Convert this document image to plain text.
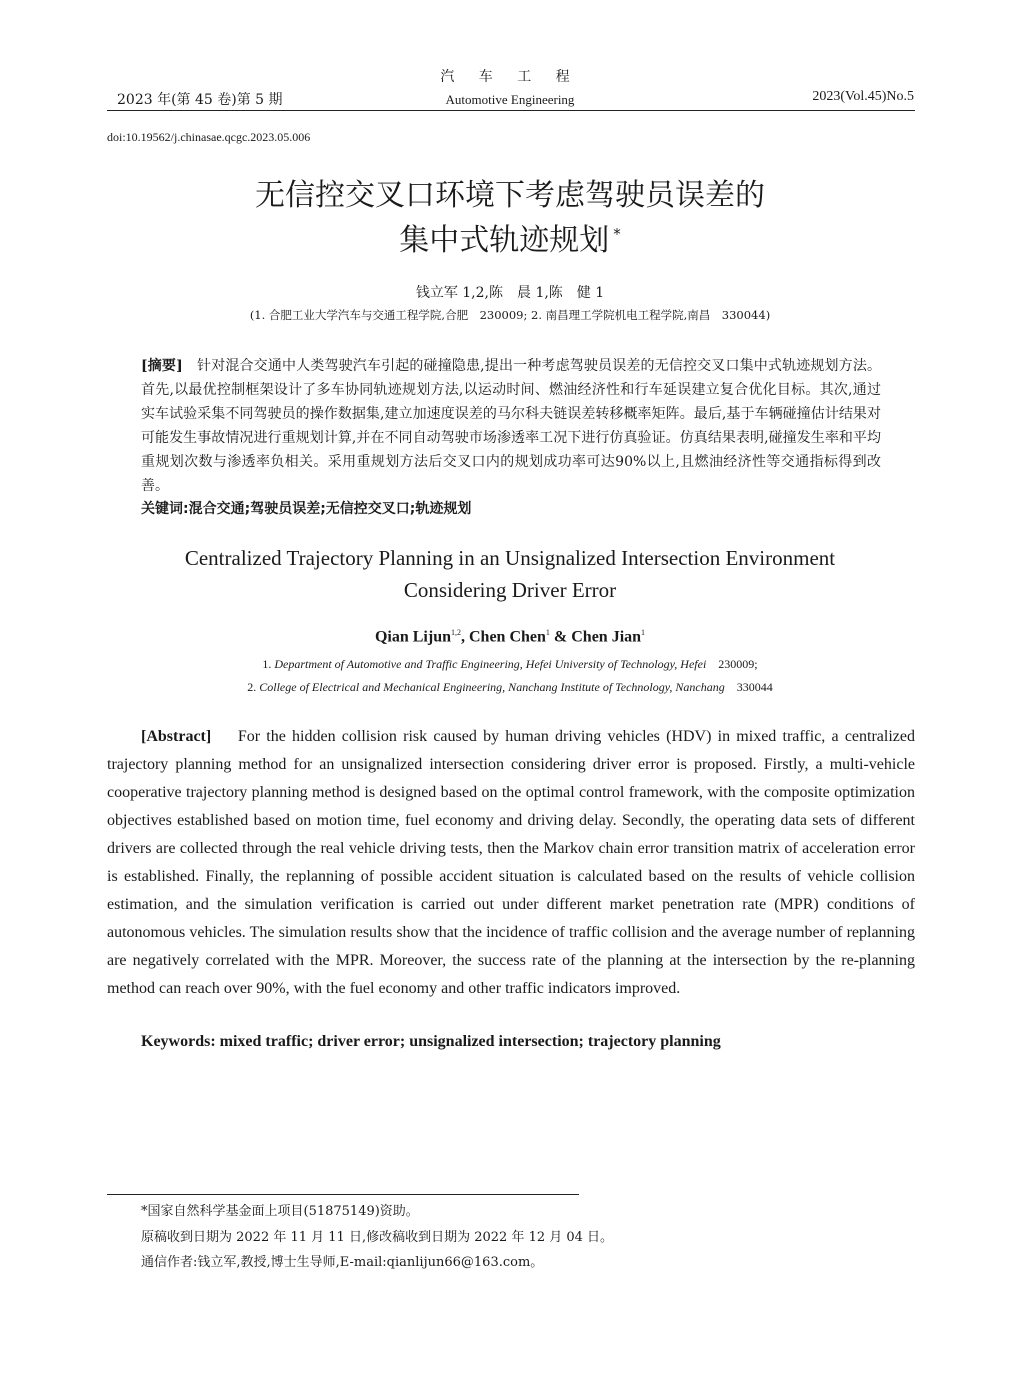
汽 车 工 程
2023 年(第 45 卷)第 5 期	Automotive Engineering	2023(Vol.45)No.5
doi:10.19562/j.chinasae.qcgc.2023.05.006
无信控交叉口环境下考虑驾驶员误差的
集中式轨迹规划 *
钱立军 1,2,陈　晨 1,陈　健 1
(1. 合肥工业大学汽车与交通工程学院,合肥　230009; 2. 南昌理工学院机电工程学院,南昌　330044)
[摘要]　 针对混合交通中人类驾驶汽车引起的碰撞隐患,提出一种考虑驾驶员误差的无信控交叉口集中式轨迹规划方法。首先,以最优控制框架设计了多车协同轨迹规划方法,以运动时间、燃油经济性和行车延误建立复合优化目标。其次,通过实车试验采集不同驾驶员的操作数据集,建立加速度误差的马尔科夫链误差转移概率矩阵。最后,基于车辆碰撞估计结果对可能发生事故情况进行重规划计算,并在不同自动驾驶市场渗透率工况下进行仿真验证。仿真结果表明,碰撞发生率和平均重规划次数与渗透率负相关。采用重规划方法后交叉口内的规划成功率可达90%以上,且燃油经济性等交通指标得到改善。
关键词:混合交通;驾驶员误差;无信控交叉口;轨迹规划
Centralized Trajectory Planning in an Unsignalized Intersection Environment
Considering Driver Error
Qian Lijun$^{1,2}$, Chen Chen$^1$ & Chen Jian$^1$
1. Department of Automotive and Traffic Engineering, Hefei University of Technology, Hefei　230009;
2. College of Electrical and Mechanical Engineering, Nanchang Institute of Technology, Nanchang　330044
[Abstract]　 For the hidden collision risk caused by human driving vehicles (HDV) in mixed traffic, a centralized trajectory planning method for an unsignalized intersection considering driver error is proposed. Firstly, a multi-vehicle cooperative trajectory planning method is designed based on the optimal control framework, with the composite optimization objectives established based on motion time, fuel economy and driving delay. Secondly, the operating data sets of different drivers are collected through the real vehicle driving tests, then the Markov chain error transition matrix of acceleration error is established. Finally, the replanning of possible accident situation is calculated based on the results of vehicle collision estimation, and the simulation verification is carried out under different market penetration rate (MPR) conditions of autonomous vehicles. The simulation results show that the incidence of traffic collision and the average number of replanning are negatively correlated with the MPR. Moreover, the success rate of the planning at the intersection by the re-planning method can reach over 90%, with the fuel economy and other traffic indicators improved.
Keywords: mixed traffic; driver error; unsignalized intersection; trajectory planning
*国家自然科学基金面上项目(51875149)资助。
原稿收到日期为 2022 年 11 月 11 日,修改稿收到日期为 2022 年 12 月 04 日。
通信作者:钱立军,教授,博士生导师,E-mail:qianlijun66@163.com。
